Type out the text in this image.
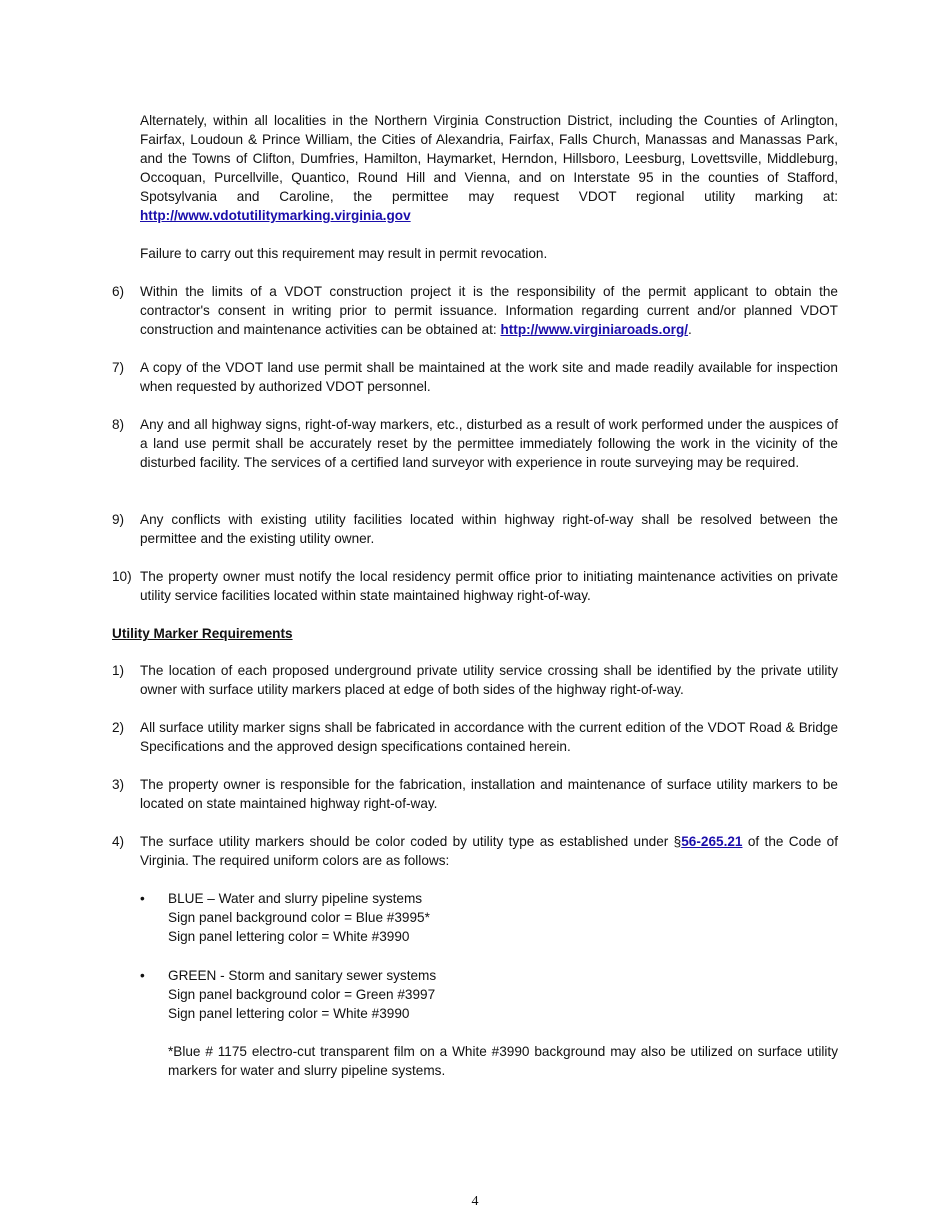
Alternately, within all localities in the Northern Virginia Construction District, including the Counties of Arlington, Fairfax, Loudoun & Prince William, the Cities of Alexandria, Fairfax, Falls Church, Manassas and Manassas Park, and the Towns of Clifton, Dumfries, Hamilton, Haymarket, Herndon, Hillsboro, Leesburg, Lovettsville, Middleburg, Occoquan, Purcellville, Quantico, Round Hill and Vienna, and on Interstate 95 in the counties of Stafford, Spotsylvania and Caroline, the permittee may request VDOT regional utility marking at: http://www.vdotutilitymarking.virginia.gov
Failure to carry out this requirement may result in permit revocation.
6) Within the limits of a VDOT construction project it is the responsibility of the permit applicant to obtain the contractor's consent in writing prior to permit issuance. Information regarding current and/or planned VDOT construction and maintenance activities can be obtained at: http://www.virginiaroads.org/.
7) A copy of the VDOT land use permit shall be maintained at the work site and made readily available for inspection when requested by authorized VDOT personnel.
8) Any and all highway signs, right-of-way markers, etc., disturbed as a result of work performed under the auspices of a land use permit shall be accurately reset by the permittee immediately following the work in the vicinity of the disturbed facility. The services of a certified land surveyor with experience in route surveying may be required.
9) Any conflicts with existing utility facilities located within highway right-of-way shall be resolved between the permittee and the existing utility owner.
10) The property owner must notify the local residency permit office prior to initiating maintenance activities on private utility service facilities located within state maintained highway right-of-way.
Utility Marker Requirements
1) The location of each proposed underground private utility service crossing shall be identified by the private utility owner with surface utility markers placed at edge of both sides of the highway right-of-way.
2) All surface utility marker signs shall be fabricated in accordance with the current edition of the VDOT Road & Bridge Specifications and the approved design specifications contained herein.
3) The property owner is responsible for the fabrication, installation and maintenance of surface utility markers to be located on state maintained highway right-of-way.
4) The surface utility markers should be color coded by utility type as established under §56-265.21 of the Code of Virginia. The required uniform colors are as follows:
• BLUE – Water and slurry pipeline systems
Sign panel background color = Blue #3995*
Sign panel lettering color = White #3990
• GREEN - Storm and sanitary sewer systems
Sign panel background color = Green #3997
Sign panel lettering color = White #3990
*Blue # 1175 electro-cut transparent film on a White #3990 background may also be utilized on surface utility markers for water and slurry pipeline systems.
4
